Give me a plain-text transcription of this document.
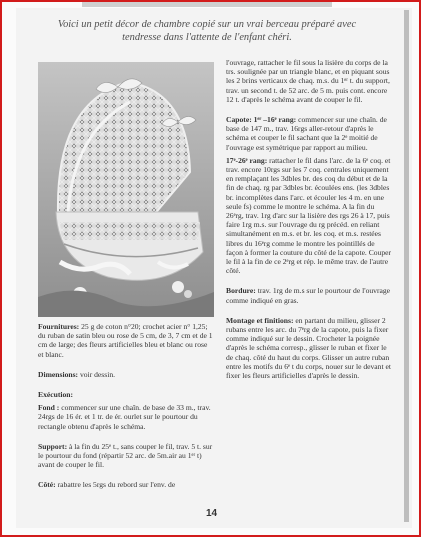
Voici un petit décor de chambre copié sur un vrai berceau préparé avec tendresse dans l'attente de l'enfant chéri.

Fournitures: 25 g de coton n°20; crochet acier n° 1,25; du ruban de satin bleu ou rose de 5 cm, de 3, 7 cm et de 1 cm de large; des fleurs artificielles bleu et blanc ou rose et blanc.

Dimensions: voir dessin.

Exécution:

Fond : commencer sur une chaîn. de base de 33 m., trav. 24rgs de 16 ér. et 1 tr. de ér. ourlet sur le pourtour du rectangle obtenu d'après le schéma.

Support: à la fin du 25ᵉ t., sans couper le fil, trav. 5 t. sur le pourtour du fond (répartir 52 arc. de 5m.air au 1ᵉʳ t) avant de couper le fil.

Côté: rabattre les 5rgs du rebord sur l'env. de

l'ouvrage, rattacher le fil sous la lisière du corps de la trs. soulignée par un triangle blanc, et en piquant sous les 2 brins verticaux de chaq. m.s. du 1ᵉʳ t. du support, trav. un second t. de 52 arc. de 5 m. puis cont. encore 12 t. d'après le schéma avant de couper le fil.

Capote: 1ᵉʳ –16ᵉ rang: commencer sur une chaîn. de base de 147 m., trav. 16rgs aller-retour d'après le schéma et couper le fil sachant que la 2ᵉ moitié de l'ouvrage est symétrique par rapport au milieu.

17ᵉ-26ᵉ rang: rattacher le fil dans l'arc. de la 6ᵉ coq. et trav. encore 10rgs sur les 7 coq. centrales uniquement en remplaçant les 3dbles br. des coq du début et de la fin de chaq. rg par 3dbles br. écoulées ens. (les 3dbles br. incomplètes dans l'arc. et écouler les 4 m. en une seule fs) comme le montre le schéma. A la fin du 26ᵉrg, trav. 1rg d'arc sur la lisière des rgs 26 à 17, puis faire 1rg m.s. sur l'ouvrage du rg précéd. en reliant simultanément en m.s. et br. les coq. et m.s. restées libres du 16ᵉrg comme le montre les pointillés de façon à former la couture du côté de la capote. Couper le fil à la fin de ce 2ᵉrg et rép. le même trav. de l'autre côté.

Bordure: trav. 1rg de m.s sur le pourtour de l'ouvrage comme indiqué en gras.

Montage et finitions: en partant du milieu, glisser 2 rubans entre les arc. du 7ᵉrg de la capote, puis la fixer comme indiqué sur le dessin. Crocheter la poignée d'après le schéma corresp., glisser le ruban et fixer le de chaq. côté du haut du corps. Glisser un autre ruban entre les motifs du 6ᵉ t du corps, nouer sur le devant et fixer les fleurs artificielles d'après le dessin.

14
